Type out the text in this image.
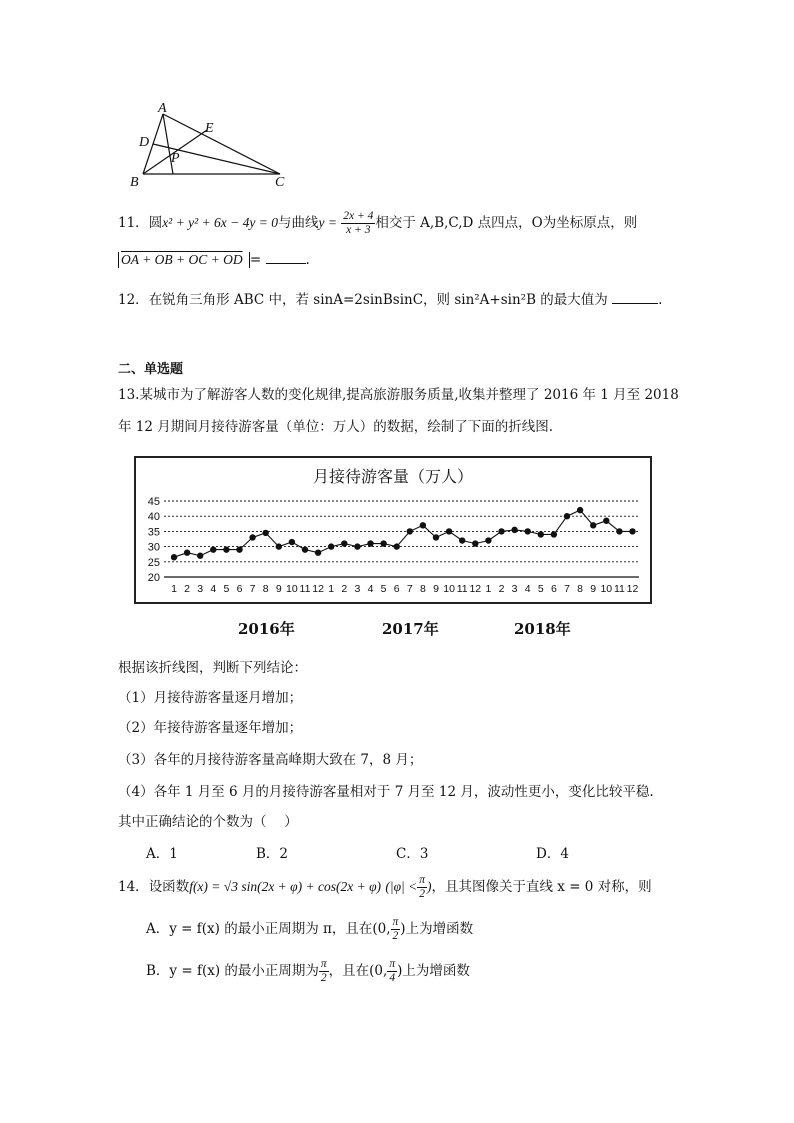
A
D
E
P
B	C
11．圆x² + y² + 6x − 4y = 0与曲线$y = \frac{2x + 4}{x + 3}$ 相交于 A,B,C,D 点四点，O为坐标原点，则
OA + OB + OC + OD =	.
12．在锐角三角形 ABC 中，若 sinA=2sinBsinC，则 sin²A+sin²B 的最大值为	.
二、单选题
13.某城市为了解游客人数的变化规律,提高旅游服务质量,收集并整理了 2016 年 1 月至 2018
年 12 月期间月接待游客量（单位：万人）的数据，绘制了下面的折线图.
月接待游客量（万人）
45
40
35
30
25
20
1 2 3 4 5 6 7 8 9 10 11 12 1 2 3 4 5 6 7 8 9 10 11 12 1 2 3 4 5 6 7 8 9 10 11 12
2016年	2017年	2018年
根据该折线图，判断下列结论：
（1）月接待游客量逐月增加；
（2）年接待游客量逐年增加；
（3）各年的月接待游客量高峰期大致在 7，8 月；
（4）各年 1 月至 6 月的月接待游客量相对于 7 月至 12 月，波动性更小，变化比较平稳.
其中正确结论的个数为（　 ）
A．1	B．2	C．3	D．4
14．设函数f(x) = √3 sin(2x + φ) + cos(2x + φ) ($|\varphi| < \frac{\pi}{2}$ )，且其图像关于直线 x = 0 对称，则
A．y = f(x) 的最小正周期为 π，且在(0, $\frac{\pi}{2}$ )上为增函数
B．y = f(x) 的最小正周期为 $\frac{\pi}{2}$ ，且在(0, $\frac{\pi}{4}$ )上为增函数
